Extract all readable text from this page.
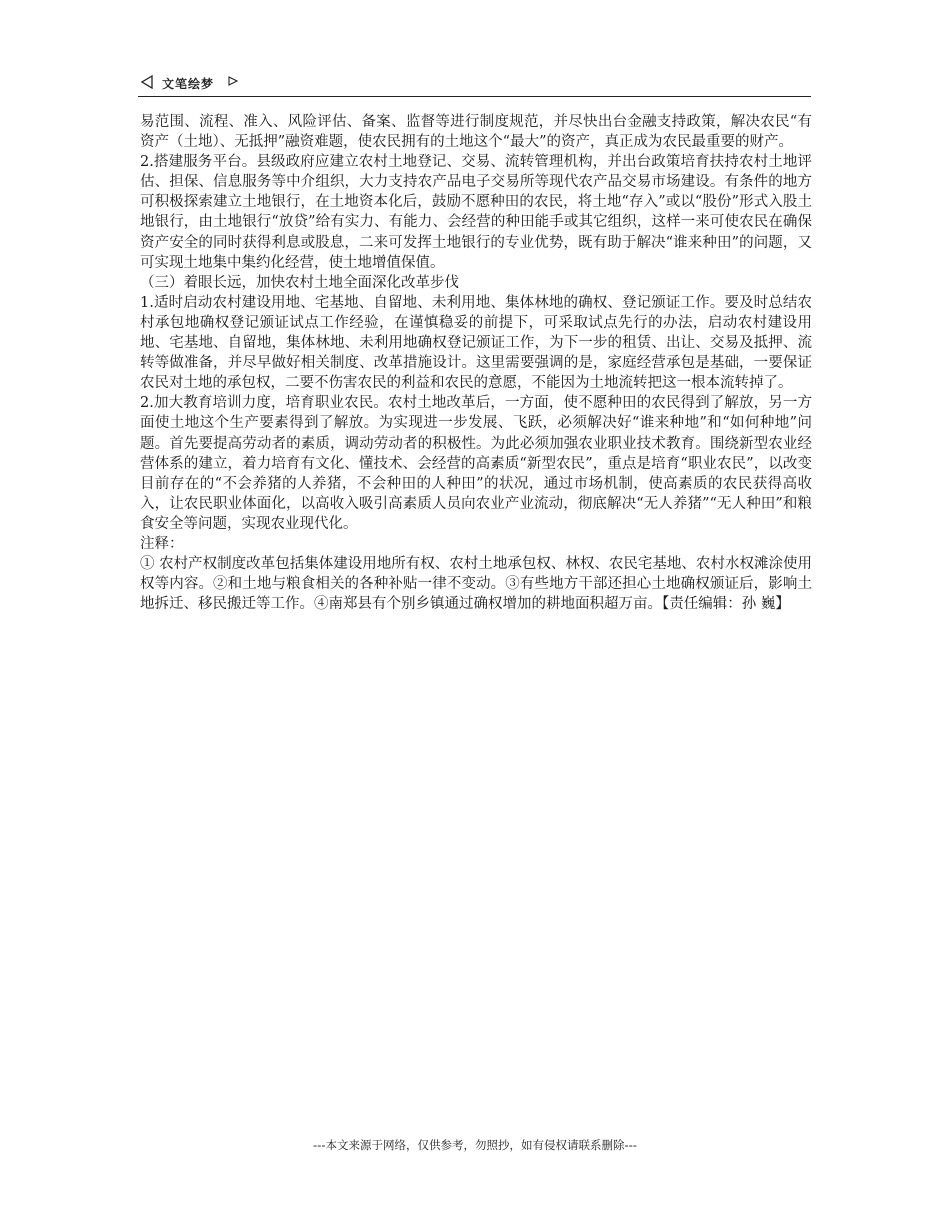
文笔绘梦

易范围、流程、准入、风险评估、备案、监督等进行制度规范，并尽快出台金融支持政策，解决农民“有资产（土地）、无抵押”融资难题，使农民拥有的土地这个“最大”的资产，真正成为农民最重要的财产。

2.搭建服务平台。县级政府应建立农村土地登记、交易、流转管理机构，并出台政策培育扶持农村土地评估、担保、信息服务等中介组织，大力支持农产品电子交易所等现代农产品交易市场建设。有条件的地方可积极探索建立土地银行，在土地资本化后，鼓励不愿种田的农民，将土地“存入”或以“股份”形式入股土地银行，由土地银行“放贷”给有实力、有能力、会经营的种田能手或其它组织，这样一来可使农民在确保资产安全的同时获得利息或股息，二来可发挥土地银行的专业优势，既有助于解决“谁来种田”的问题，又可实现土地集中集约化经营，使土地增值保值。

（三）着眼长远，加快农村土地全面深化改革步伐

1.适时启动农村建设用地、宅基地、自留地、未利用地、集体林地的确权、登记颁证工作。要及时总结农村承包地确权登记颁证试点工作经验，在谨慎稳妥的前提下，可采取试点先行的办法，启动农村建设用地、宅基地、自留地，集体林地、未利用地确权登记颁证工作，为下一步的租赁、出让、交易及抵押、流转等做准备，并尽早做好相关制度、改革措施设计。这里需要强调的是，家庭经营承包是基础，一要保证农民对土地的承包权，二要不伤害农民的利益和农民的意愿，不能因为土地流转把这一根本流转掉了。

2.加大教育培训力度，培育职业农民。农村土地改革后，一方面，使不愿种田的农民得到了解放，另一方面使土地这个生产要素得到了解放。为实现进一步发展、飞跃，必须解决好“谁来种地”和“如何种地”问题。首先要提高劳动者的素质，调动劳动者的积极性。为此必须加强农业职业技术教育。围绕新型农业经营体系的建立，着力培育有文化、懂技术、会经营的高素质“新型农民”，重点是培育“职业农民”，以改变目前存在的“不会养猪的人养猪，不会种田的人种田”的状况，通过市场机制，使高素质的农民获得高收入，让农民职业体面化，以高收入吸引高素质人员向农业产业流动，彻底解决“无人养猪”“无人种田”和粮食安全等问题，实现农业现代化。

注释：

① 农村产权制度改革包括集体建设用地所有权、农村土地承包权、林权、农民宅基地、农村水权滩涂使用权等内容。②和土地与粮食相关的各种补贴一律不变动。③有些地方干部还担心土地确权颁证后，影响土地拆迁、移民搬迁等工作。④南郑县有个别乡镇通过确权增加的耕地面积超万亩。【责任编辑：孙 巍】

---本文来源于网络，仅供参考，勿照抄，如有侵权请联系删除---
